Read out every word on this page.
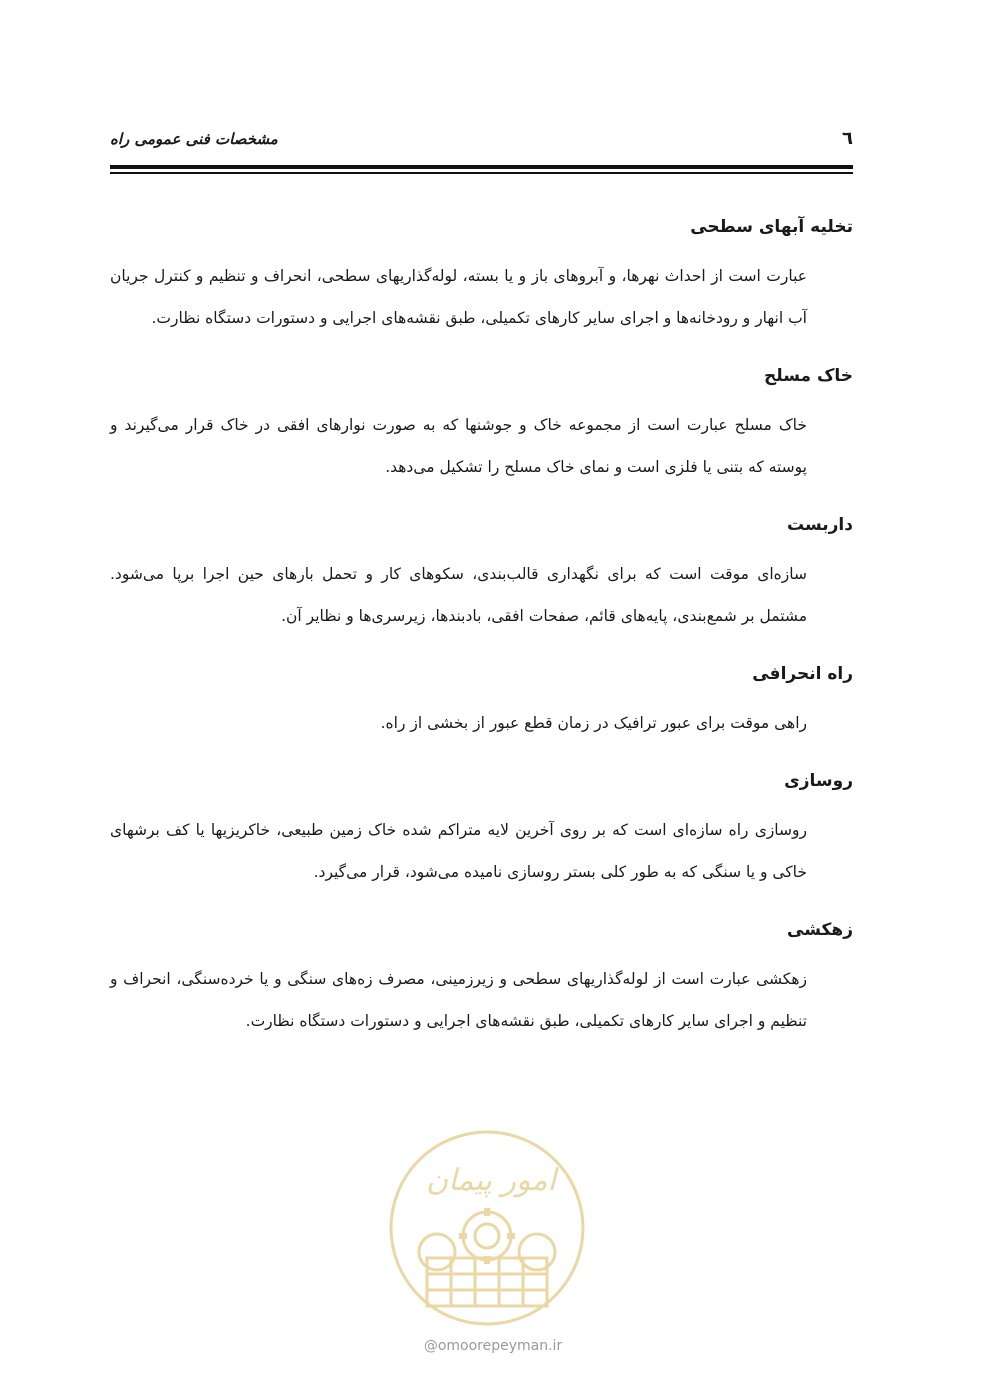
٦
مشخصات فنی عمومی راه
تخلیه آبهای سطحی

عبارت است از احداث نهرها، و آبروهای باز و یا بسته، لوله‌گذاریهای سطحی، انحراف و تنظیم و کنترل جریان آب انهار و رودخانه‌ها و اجرای سایر کارهای تکمیلی، طبق نقشه‌های اجرایی و دستورات دستگاه نظارت.

خاک مسلح

خاک مسلح عبارت است از مجموعه خاک و جوشنها که به صورت نوارهای افقی در خاک قرار می‌گیرند و پوسته که بتنی یا فلزی است و نمای خاک مسلح را تشکیل می‌دهد.

داربست

سازه‌ای موقت است که برای نگهداری قالب‌بندی، سکوهای کار و تحمل بارهای حین اجرا برپا می‌شود. مشتمل بر شمع‌بندی، پایه‌های قائم، صفحات افقی، بادبندها، زیرسری‌ها و نظایر آن.

راه انحرافی

راهی موقت برای عبور ترافیک در زمان قطع عبور از بخشی از راه.

روسازی

روسازی راه سازه‌ای است که بر روی آخرین لایه متراکم شده خاک زمین طبیعی، خاکریزیها یا کف برشهای خاکی و یا سنگی که به طور کلی بستر روسازی نامیده می‌شود، قرار می‌گیرد.

زهکشی

زهکشی عبارت است از لوله‌گذاریهای سطحی و زیرزمینی، مصرف زه‌های سنگی و یا خرده‌سنگی، انحراف و تنظیم و اجرای سایر کارهای تکمیلی، طبق نقشه‌های اجرایی و دستورات دستگاه نظارت.

امور پیمان
@omoorepeyman.ir
